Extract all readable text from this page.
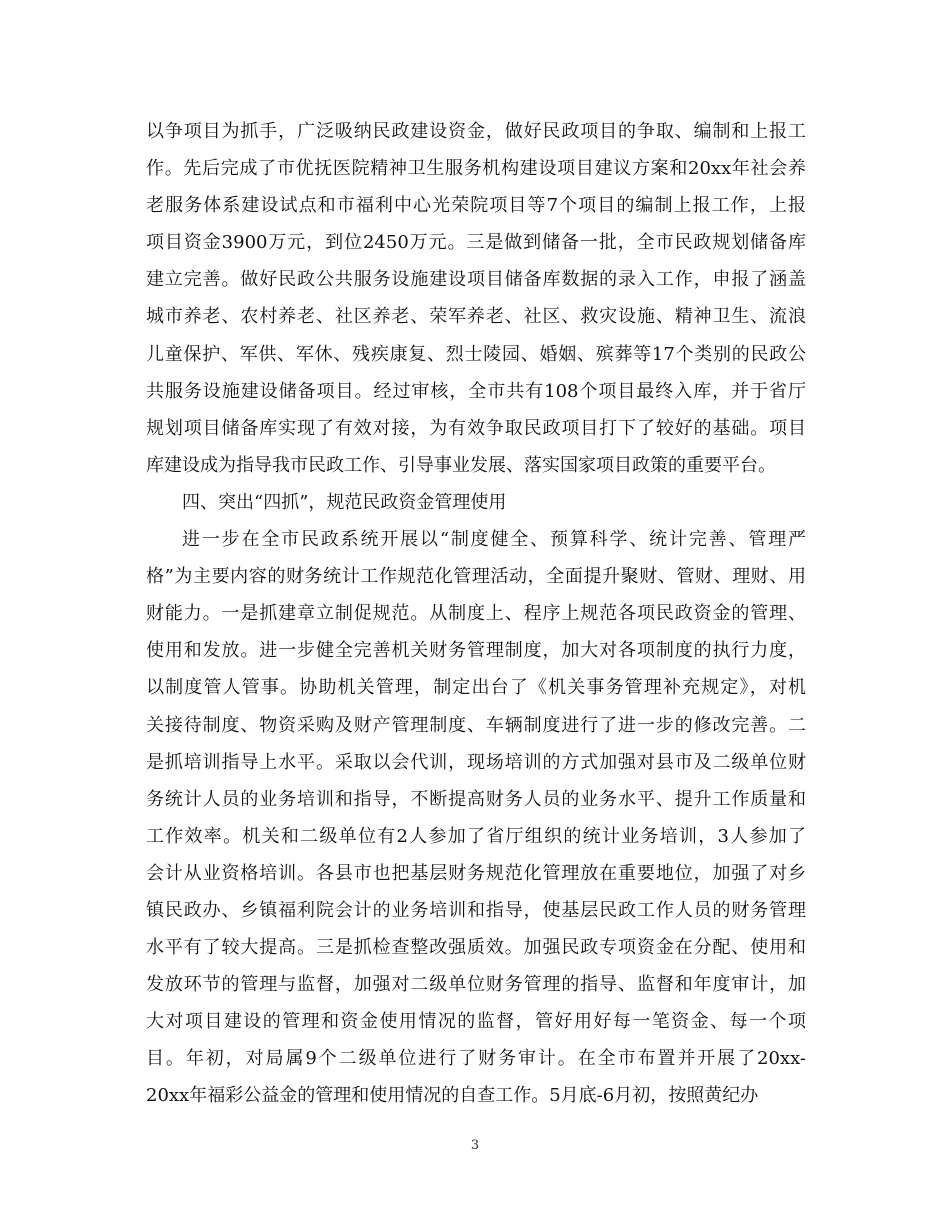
以争项目为抓手，广泛吸纳民政建设资金，做好民政项目的争取、编制和上报工
作。先后完成了市优抚医院精神卫生服务机构建设项目建议方案和20xx年社会养
老服务体系建设试点和市福利中心光荣院项目等7个项目的编制上报工作，上报
项目资金3900万元，到位2450万元。三是做到储备一批，全市民政规划储备库
建立完善。做好民政公共服务设施建设项目储备库数据的录入工作，申报了涵盖
城市养老、农村养老、社区养老、荣军养老、社区、救灾设施、精神卫生、流浪
儿童保护、军供、军休、残疾康复、烈士陵园、婚姻、殡葬等17个类别的民政公
共服务设施建设储备项目。经过审核，全市共有108个项目最终入库，并于省厅
规划项目储备库实现了有效对接，为有效争取民政项目打下了较好的基础。项目
库建设成为指导我市民政工作、引导事业发展、落实国家项目政策的重要平台。
四、突出“四抓”，规范民政资金管理使用
进一步在全市民政系统开展以“制度健全、预算科学、统计完善、管理严
格”为主要内容的财务统计工作规范化管理活动，全面提升聚财、管财、理财、用
财能力。一是抓建章立制促规范。从制度上、程序上规范各项民政资金的管理、
使用和发放。进一步健全完善机关财务管理制度，加大对各项制度的执行力度，
以制度管人管事。协助机关管理，制定出台了《机关事务管理补充规定》，对机
关接待制度、物资采购及财产管理制度、车辆制度进行了进一步的修改完善。二
是抓培训指导上水平。采取以会代训，现场培训的方式加强对县市及二级单位财
务统计人员的业务培训和指导，不断提高财务人员的业务水平、提升工作质量和
工作效率。机关和二级单位有2人参加了省厅组织的统计业务培训，3人参加了
会计从业资格培训。各县市也把基层财务规范化管理放在重要地位，加强了对乡
镇民政办、乡镇福利院会计的业务培训和指导，使基层民政工作人员的财务管理
水平有了较大提高。三是抓检查整改强质效。加强民政专项资金在分配、使用和
发放环节的管理与监督，加强对二级单位财务管理的指导、监督和年度审计，加
大对项目建设的管理和资金使用情况的监督，管好用好每一笔资金、每一个项
目。年初，对局属9个二级单位进行了财务审计。在全市布置并开展了20xx-
20xx年福彩公益金的管理和使用情况的自查工作。5月底-6月初，按照黄纪办
3
